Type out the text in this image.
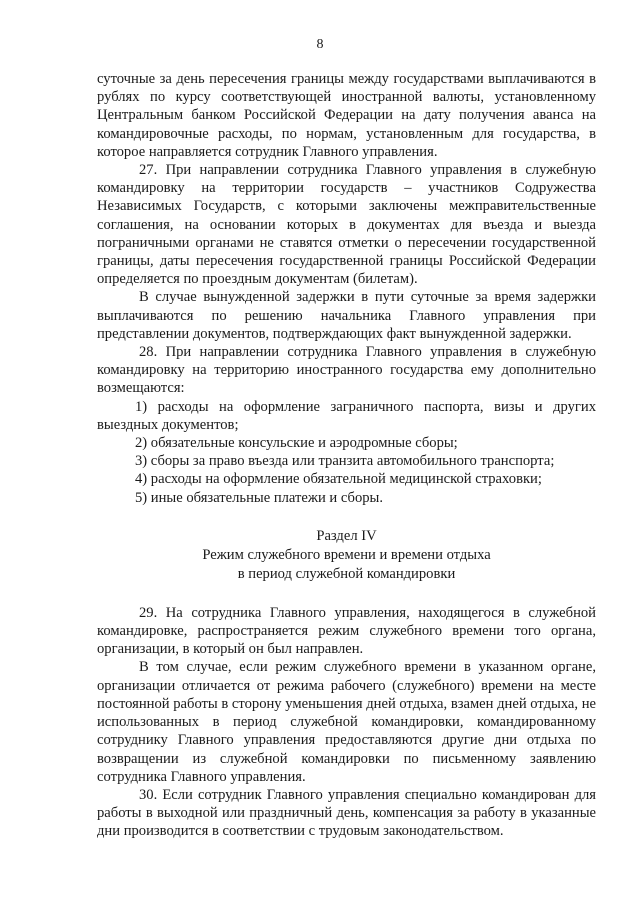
8

суточные за день пересечения границы между государствами выплачиваются в рублях по курсу соответствующей иностранной валюты, установленному Центральным банком Российской Федерации на дату получения аванса на командировочные расходы, по нормам, установленным для государства, в которое направляется сотрудник Главного управления.

27. При направлении сотрудника Главного управления в служебную командировку на территории государств – участников Содружества Независимых Государств, с которыми заключены межправительственные соглашения, на основании которых в документах для въезда и выезда пограничными органами не ставятся отметки о пересечении государственной границы, даты пересечения государственной границы Российской Федерации определяется по проездным документам (билетам).

В случае вынужденной задержки в пути суточные за время задержки выплачиваются по решению начальника Главного управления при представлении документов, подтверждающих факт вынужденной задержки.

28. При направлении сотрудника Главного управления в служебную командировку на территорию иностранного государства ему дополнительно возмещаются:

1) расходы на оформление заграничного паспорта, визы и других выездных документов;

2) обязательные консульские и аэродромные сборы;

3) сборы за право въезда или транзита автомобильного транспорта;

4) расходы на оформление обязательной медицинской страховки;

5) иные обязательные платежи и сборы.

Раздел IV
Режим служебного времени и времени отдыха
в период служебной командировки

29. На сотрудника Главного управления, находящегося в служебной командировке, распространяется режим служебного времени того органа, организации, в который он был направлен.

В том случае, если режим служебного времени в указанном органе, организации отличается от режима рабочего (служебного) времени на месте постоянной работы в сторону уменьшения дней отдыха, взамен дней отдыха, не использованных в период служебной командировки, командированному сотруднику Главного управления предоставляются другие дни отдыха по возвращении из служебной командировки по письменному заявлению сотрудника Главного управления.

30. Если сотрудник Главного управления специально командирован для работы в выходной или праздничный день, компенсация за работу в указанные дни производится в соответствии с трудовым законодательством.
